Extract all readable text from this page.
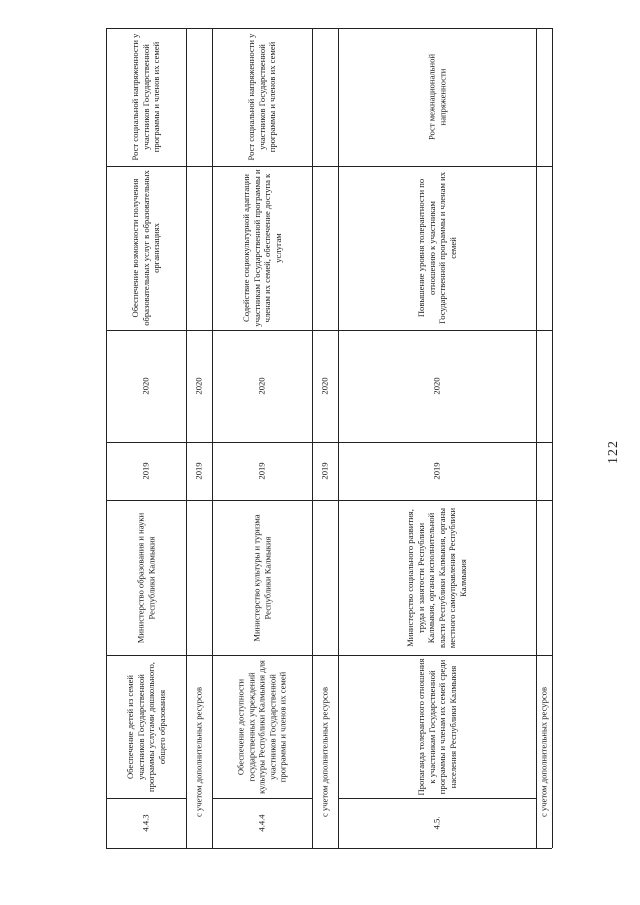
4.4.3
Обеспечение детей из семей участников Государственной программы услугами дошкольного, общего образования
Министерство образования и науки Республики Калмыкия
2019
2020
Обеспечение возможности получения образовательных услуг в образовательных организациях
Рост социальной напряженности у участников Государственной программы и членов их семей
с учетом дополнительных ресурсов
2019
2020
4.4.4
Обеспечение доступности государственных учреждений культуры Республики Калмыкия для участников Государственной программы и членов их семей
Министерство культуры и туризма Республики Калмыкия
2019
2020
Содействие социокультурной адаптации участникам Государственной программы и членам их семей, обеспечение доступа к услугам
Рост социальной напряженности у участников Государственной программы и членов их семей
с учетом дополнительных ресурсов
2019
2020
4.5.
Пропаганда толерантного отношения к участникам Государственной программы и членам их семей среди населения Республики Калмыкия
Министерство социального развития, труда и занятости Республики Калмыкия, органы исполнительной власти Республики Калмыкия, органы местного самоуправления Республики Калмыкия
2019
2020
Повышение уровня толерантности по отношению к участникам Государственной программы и членам их семей
Рост межнациональной напряженности
с учетом дополнительных ресурсов
122
